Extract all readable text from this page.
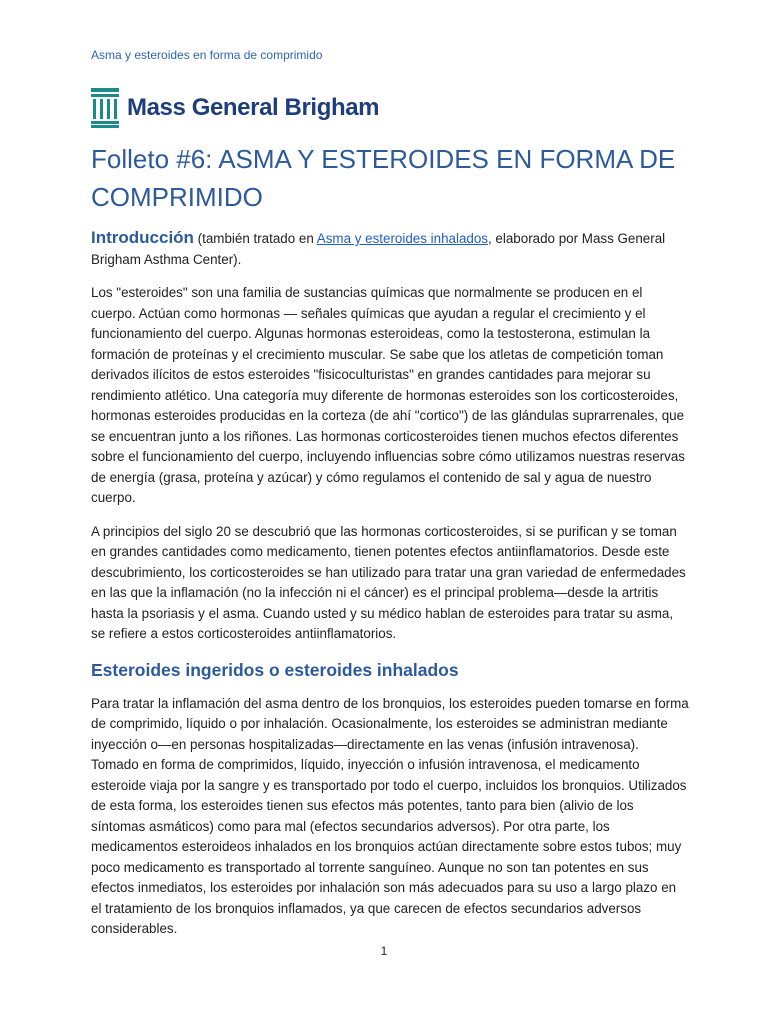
Asma y esteroides en forma de comprimido
Mass General Brigham
Folleto #6: ASMA Y ESTEROIDES EN FORMA DE COMPRIMIDO

Introducción (también tratado en Asma y esteroides inhalados, elaborado por Mass General Brigham Asthma Center).

Los "esteroides" son una familia de sustancias químicas que normalmente se producen en el cuerpo. Actúan como hormonas — señales químicas que ayudan a regular el crecimiento y el funcionamiento del cuerpo. Algunas hormonas esteroideas, como la testosterona, estimulan la formación de proteínas y el crecimiento muscular. Se sabe que los atletas de competición toman derivados ilícitos de estos esteroides "fisicoculturistas" en grandes cantidades para mejorar su rendimiento atlético. Una categoría muy diferente de hormonas esteroides son los corticosteroides, hormonas esteroides producidas en la corteza (de ahí "cortico") de las glándulas suprarrenales, que se encuentran junto a los riñones. Las hormonas corticosteroides tienen muchos efectos diferentes sobre el funcionamiento del cuerpo, incluyendo influencias sobre cómo utilizamos nuestras reservas de energía (grasa, proteína y azúcar) y cómo regulamos el contenido de sal y agua de nuestro cuerpo.

A principios del siglo 20 se descubrió que las hormonas corticosteroides, si se purifican y se toman en grandes cantidades como medicamento, tienen potentes efectos antiinflamatorios. Desde este descubrimiento, los corticosteroides se han utilizado para tratar una gran variedad de enfermedades en las que la inflamación (no la infección ni el cáncer) es el principal problema—desde la artritis hasta la psoriasis y el asma. Cuando usted y su médico hablan de esteroides para tratar su asma, se refiere a estos corticosteroides antiinflamatorios.

Esteroides ingeridos o esteroides inhalados

Para tratar la inflamación del asma dentro de los bronquios, los esteroides pueden tomarse en forma de comprimido, líquido o por inhalación. Ocasionalmente, los esteroides se administran mediante inyección o—en personas hospitalizadas—directamente en las venas (infusión intravenosa). Tomado en forma de comprimidos, líquido, inyección o infusión intravenosa, el medicamento esteroide viaja por la sangre y es transportado por todo el cuerpo, incluidos los bronquios. Utilizados de esta forma, los esteroides tienen sus efectos más potentes, tanto para bien (alivio de los síntomas asmáticos) como para mal (efectos secundarios adversos). Por otra parte, los medicamentos esteroideos inhalados en los bronquios actúan directamente sobre estos tubos; muy poco medicamento es transportado al torrente sanguíneo. Aunque no son tan potentes en sus efectos inmediatos, los esteroides por inhalación son más adecuados para su uso a largo plazo en el tratamiento de los bronquios inflamados, ya que carecen de efectos secundarios adversos considerables.

1
